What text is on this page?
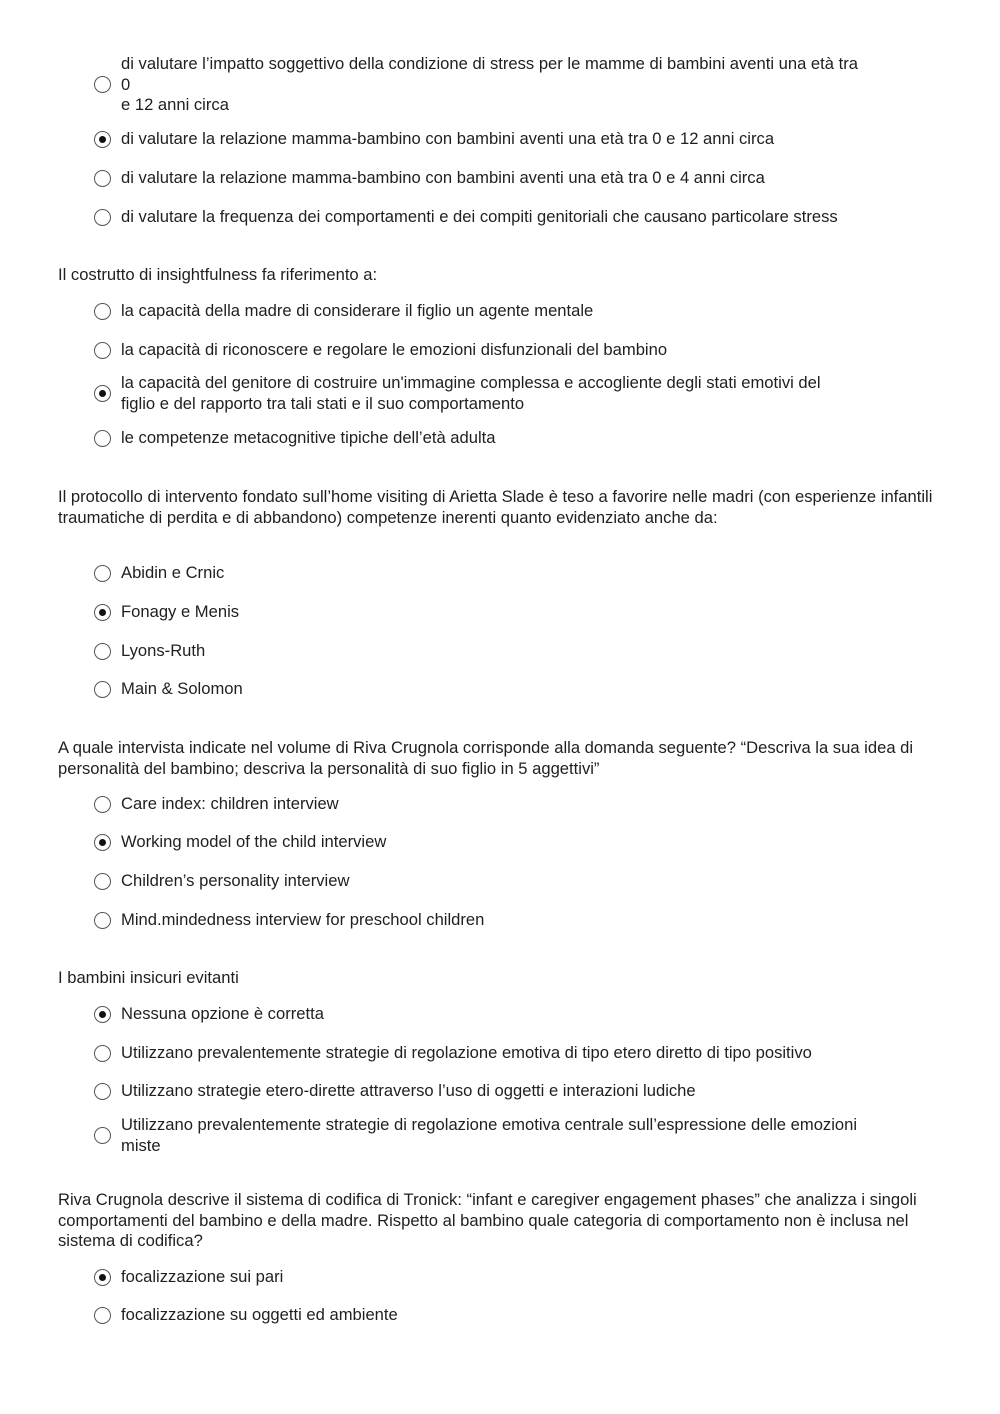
di valutare l’impatto soggettivo della condizione di stress per le mamme di bambini aventi una età tra
0
e 12 anni circa
di valutare la relazione mamma-bambino con bambini aventi una età tra 0 e 12 anni circa
di valutare la relazione mamma-bambino con bambini aventi una età tra 0 e 4 anni circa
di valutare la frequenza dei comportamenti e dei compiti genitoriali che causano particolare stress

Il costrutto di insightfulness fa riferimento a:

la capacità della madre di considerare il figlio un agente mentale
la capacità di riconoscere e regolare le emozioni disfunzionali del bambino
la capacità del genitore di costruire un'immagine complessa e accogliente degli stati emotivi del
figlio e del rapporto tra tali stati e il suo comportamento
le competenze metacognitive tipiche dell’età adulta

Il protocollo di intervento fondato sull’home visiting di Arietta Slade è teso a favorire nelle madri (con esperienze infantili traumatiche di perdita e di abbandono) competenze inerenti quanto evidenziato anche da:

Abidin e Crnic
Fonagy e Menis
Lyons-Ruth
Main & Solomon

A quale intervista indicate nel volume di Riva Crugnola corrisponde alla domanda seguente? “Descriva la sua idea di personalità del bambino; descriva la personalità di suo figlio in 5 aggettivi”

Care index: children interview
Working model of the child interview
Children’s personality interview
Mind.mindedness interview for preschool children

I bambini insicuri evitanti

Nessuna opzione è corretta
Utilizzano prevalentemente strategie di regolazione emotiva di tipo etero diretto di tipo positivo
Utilizzano strategie etero-dirette attraverso l’uso di oggetti e interazioni ludiche
Utilizzano prevalentemente strategie di regolazione emotiva centrale sull’espressione delle emozioni
miste

Riva Crugnola descrive il sistema di codifica di Tronick: “infant e caregiver engagement phases” che analizza i singoli comportamenti del bambino e della madre. Rispetto al bambino quale categoria di comportamento non è inclusa nel sistema di codifica?

focalizzazione sui pari
focalizzazione su oggetti ed ambiente
